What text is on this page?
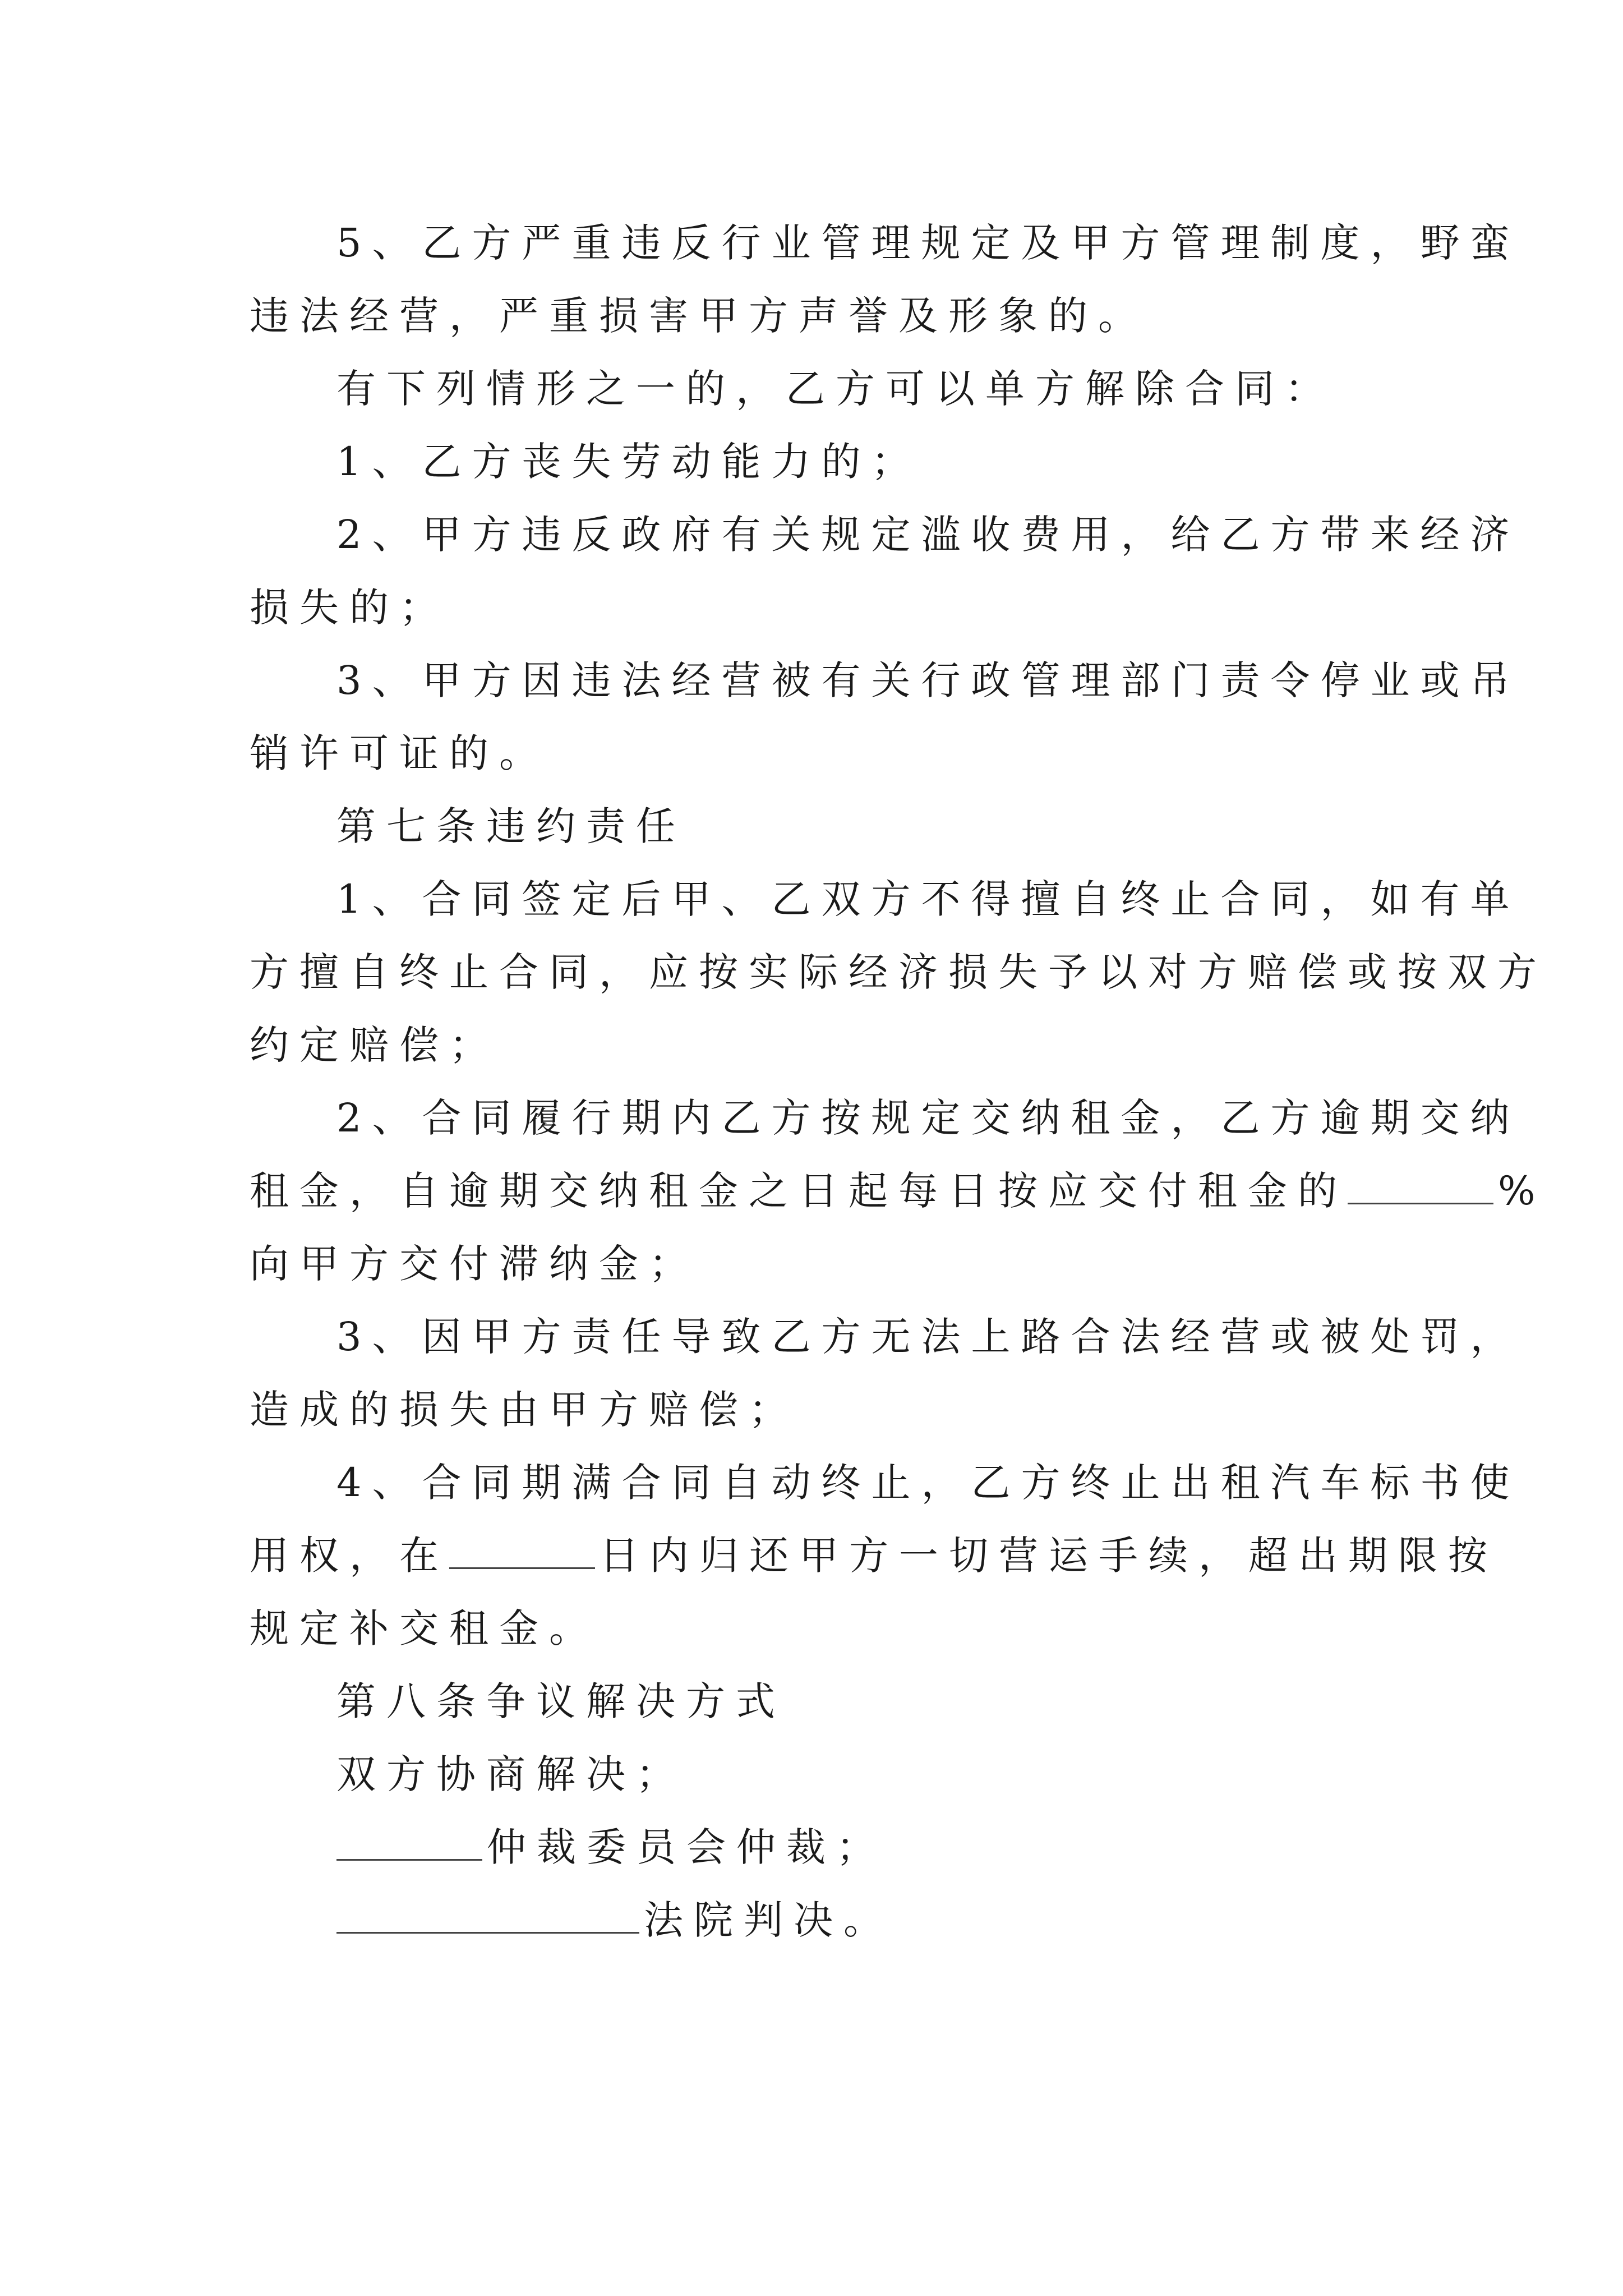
5、乙方严重违反行业管理规定及甲方管理制度，野蛮

违法经营，严重损害甲方声誉及形象的。

有下列情形之一的，乙方可以单方解除合同：

1、乙方丧失劳动能力的；

2、甲方违反政府有关规定滥收费用，给乙方带来经济

损失的；

3、甲方因违法经营被有关行政管理部门责令停业或吊

销许可证的。

第七条违约责任

1、合同签定后甲、乙双方不得擅自终止合同，如有单

方擅自终止合同，应按实际经济损失予以对方赔偿或按双方

约定赔偿；

2、合同履行期内乙方按规定交纳租金，乙方逾期交纳

租金，自逾期交纳租金之日起每日按应交付租金的	%

向甲方交付滞纳金；

3、因甲方责任导致乙方无法上路合法经营或被处罚，

造成的损失由甲方赔偿；

4、合同期满合同自动终止，乙方终止出租汽车标书使

用权，在	日内归还甲方一切营运手续，超出期限按

规定补交租金。

第八条争议解决方式

双方协商解决；

仲裁委员会仲裁；

法院判决。
